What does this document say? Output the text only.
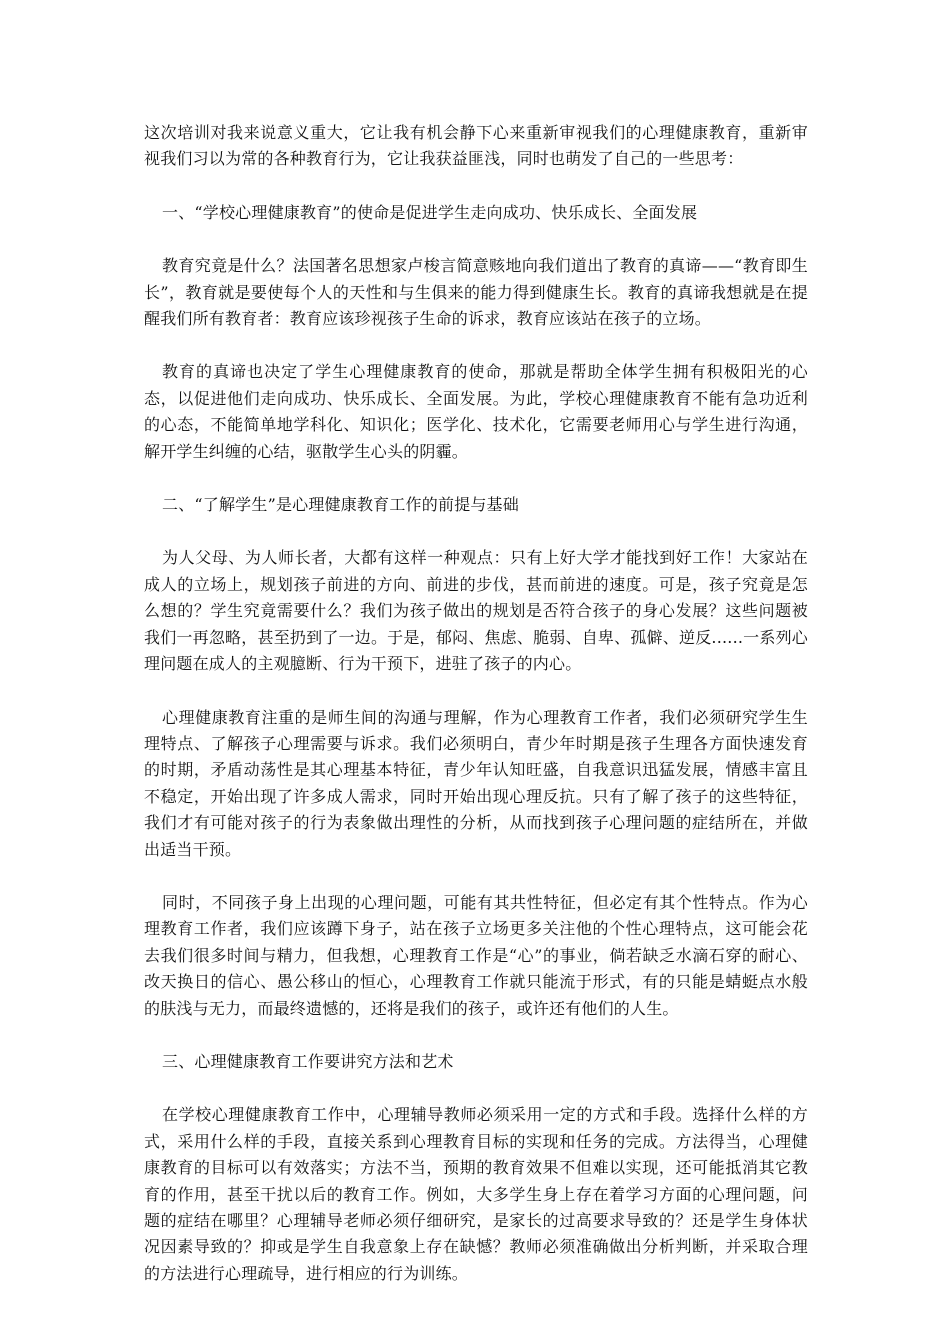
这次培训对我来说意义重大，它让我有机会静下心来重新审视我们的心理健康教育，重新审视我们习以为常的各种教育行为，它让我获益匪浅，同时也萌发了自己的一些思考：

一、“学校心理健康教育”的使命是促进学生走向成功、快乐成长、全面发展

教育究竟是什么？法国著名思想家卢梭言简意赅地向我们道出了教育的真谛——“教育即生长”，教育就是要使每个人的天性和与生俱来的能力得到健康生长。教育的真谛我想就是在提醒我们所有教育者：教育应该珍视孩子生命的诉求，教育应该站在孩子的立场。

教育的真谛也决定了学生心理健康教育的使命，那就是帮助全体学生拥有积极阳光的心态，以促进他们走向成功、快乐成长、全面发展。为此，学校心理健康教育不能有急功近利的心态，不能简单地学科化、知识化；医学化、技术化，它需要老师用心与学生进行沟通，解开学生纠缠的心结，驱散学生心头的阴霾。

二、“了解学生”是心理健康教育工作的前提与基础

为人父母、为人师长者，大都有这样一种观点：只有上好大学才能找到好工作！大家站在成人的立场上，规划孩子前进的方向、前进的步伐，甚而前进的速度。可是，孩子究竟是怎么想的？学生究竟需要什么？我们为孩子做出的规划是否符合孩子的身心发展？这些问题被我们一再忽略，甚至扔到了一边。于是，郁闷、焦虑、脆弱、自卑、孤僻、逆反......一系列心理问题在成人的主观臆断、行为干预下，进驻了孩子的内心。

心理健康教育注重的是师生间的沟通与理解，作为心理教育工作者，我们必须研究学生生理特点、了解孩子心理需要与诉求。我们必须明白，青少年时期是孩子生理各方面快速发育的时期，矛盾动荡性是其心理基本特征，青少年认知旺盛，自我意识迅猛发展，情感丰富且不稳定，开始出现了许多成人需求，同时开始出现心理反抗。只有了解了孩子的这些特征，我们才有可能对孩子的行为表象做出理性的分析，从而找到孩子心理问题的症结所在，并做出适当干预。

同时，不同孩子身上出现的心理问题，可能有其共性特征，但必定有其个性特点。作为心理教育工作者，我们应该蹲下身子，站在孩子立场更多关注他的个性心理特点，这可能会花去我们很多时间与精力，但我想，心理教育工作是“心”的事业，倘若缺乏水滴石穿的耐心、改天换日的信心、愚公移山的恒心，心理教育工作就只能流于形式，有的只能是蜻蜓点水般的肤浅与无力，而最终遗憾的，还将是我们的孩子，或许还有他们的人生。

三、心理健康教育工作要讲究方法和艺术

在学校心理健康教育工作中，心理辅导教师必须采用一定的方式和手段。选择什么样的方式，采用什么样的手段，直接关系到心理教育目标的实现和任务的完成。方法得当，心理健康教育的目标可以有效落实；方法不当，预期的教育效果不但难以实现，还可能抵消其它教育的作用，甚至干扰以后的教育工作。例如，大多学生身上存在着学习方面的心理问题，问题的症结在哪里？心理辅导老师必须仔细研究，是家长的过高要求导致的？还是学生身体状况因素导致的？抑或是学生自我意象上存在缺憾？教师必须准确做出分析判断，并采取合理的方法进行心理疏导，进行相应的行为训练。
